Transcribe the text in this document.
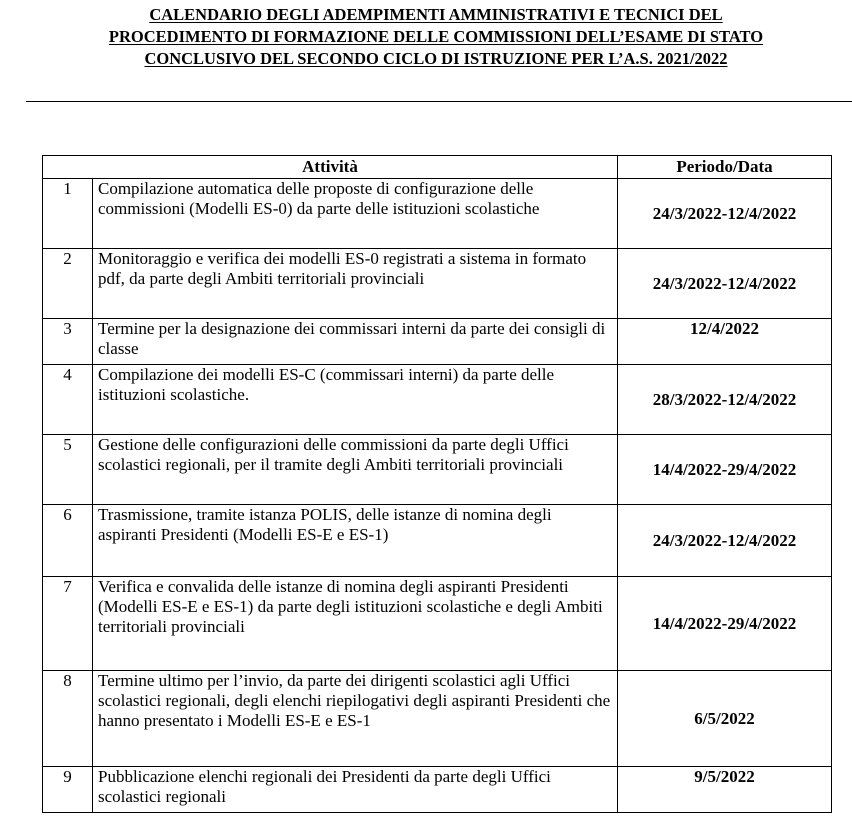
CALENDARIO DEGLI ADEMPIMENTI AMMINISTRATIVI E TECNICI DEL
PROCEDIMENTO DI FORMAZIONE DELLE COMMISSIONI DELL’ESAME DI STATO
CONCLUSIVO DEL SECONDO CICLO DI ISTRUZIONE PER L’A.S. 2021/2022
Attività		Periodo/Data
1	Compilazione automatica delle proposte di configurazione delle commissioni (Modelli ES-0) da parte delle istituzioni scolastiche	24/3/2022-12/4/2022
2	Monitoraggio e verifica dei modelli ES-0 registrati a sistema in formato pdf, da parte degli Ambiti territoriali provinciali	24/3/2022-12/4/2022
3	Termine per la designazione dei commissari interni da parte dei consigli di classe	12/4/2022
4	Compilazione dei modelli ES-C (commissari interni) da parte delle istituzioni scolastiche.	28/3/2022-12/4/2022
5	Gestione delle configurazioni delle commissioni da parte degli Uffici scolastici regionali, per il tramite degli Ambiti territoriali provinciali	14/4/2022-29/4/2022
6	Trasmissione, tramite istanza POLIS, delle istanze di nomina degli aspiranti Presidenti (Modelli ES-E e ES-1)	24/3/2022-12/4/2022
7	Verifica e convalida delle istanze di nomina degli aspiranti Presidenti (Modelli ES-E e ES-1) da parte degli istituzioni scolastiche e degli Ambiti territoriali provinciali	14/4/2022-29/4/2022
8	Termine ultimo per l’invio, da parte dei dirigenti scolastici agli Uffici scolastici regionali, degli elenchi riepilogativi degli aspiranti Presidenti che hanno presentato i Modelli ES-E e ES-1	6/5/2022
9	Pubblicazione elenchi regionali dei Presidenti da parte degli Uffici scolastici regionali	9/5/2022
